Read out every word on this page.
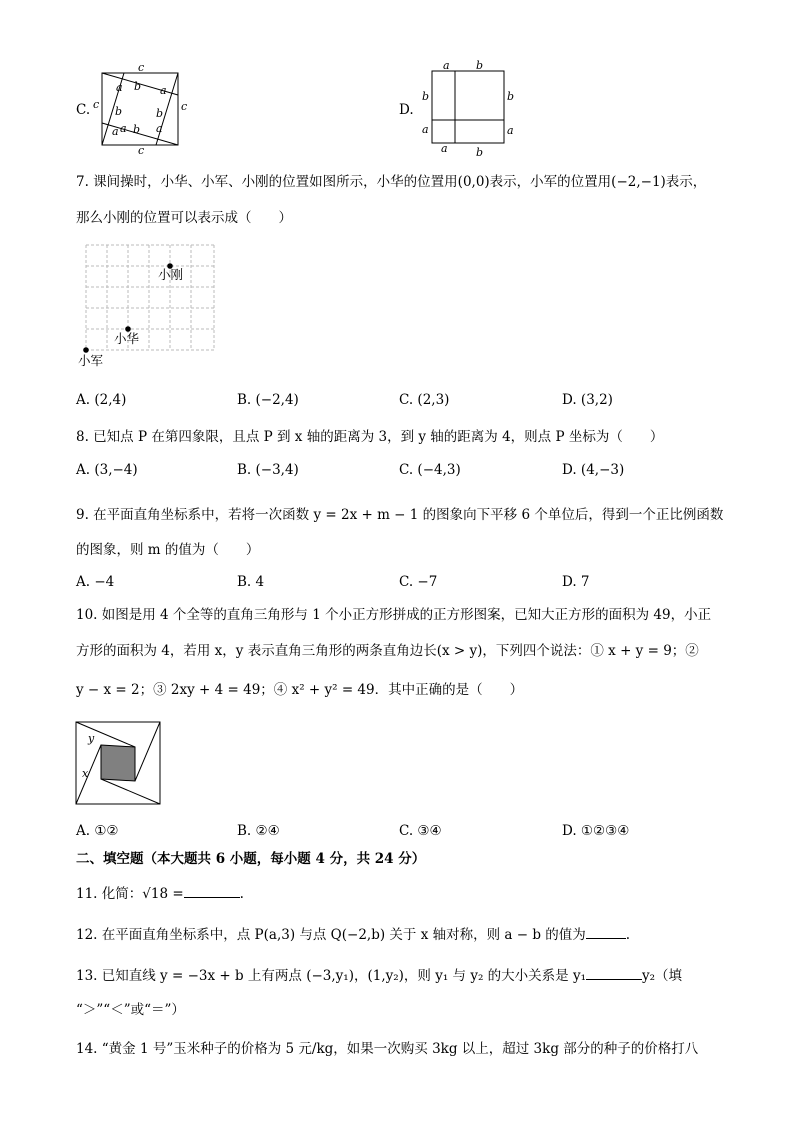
C.
c
c
c	c
a b a
b
a
b
a b a
D.
a b
b	b
a	a
a	b
7. 课间操时，小华、小军、小刚的位置如图所示，小华的位置用(0,0)表示，小军的位置用(−2,−1)表示，
那么小刚的位置可以表示成（　　）
小刚
小华
小军
A. (2,4)	B. (−2,4)	C. (2,3)	D. (3,2)
8. 已知点 P 在第四象限，且点 P 到 x 轴的距离为 3，到 y 轴的距离为 4，则点 P 坐标为（　　）
A. (3,−4)	B. (−3,4)	C. (−4,3)	D. (4,−3)
9. 在平面直角坐标系中，若将一次函数 y = 2x + m − 1 的图象向下平移 6 个单位后，得到一个正比例函数
的图象，则 m 的值为（　　）
A. −4	B. 4	C. −7	D. 7
10. 如图是用 4 个全等的直角三角形与 1 个小正方形拼成的正方形图案，已知大正方形的面积为 49，小正
方形的面积为 4，若用 x，y 表示直角三角形的两条直角边长(x > y)，下列四个说法：① x + y = 9；②
y − x = 2；③ 2xy + 4 = 49；④ x² + y² = 49．其中正确的是（　　）
y
x
A. ①②	B. ②④	C. ③④	D. ①②③④
二、填空题（本大题共 6 小题，每小题 4 分，共 24 分）
11. 化简：√18 =	.
12. 在平面直角坐标系中，点 P(a,3) 与点 Q(−2,b) 关于 x 轴对称，则 a − b 的值为	.
13. 已知直线 y = −3x + b 上有两点 (−3,y₁)，(1,y₂)，则 y₁ 与 y₂ 的大小关系是 y₁	y₂（填
“＞”“＜”或“＝”）
14. “黄金 1 号”玉米种子的价格为 5 元/kg，如果一次购买 3kg 以上，超过 3kg 部分的种子的价格打八
